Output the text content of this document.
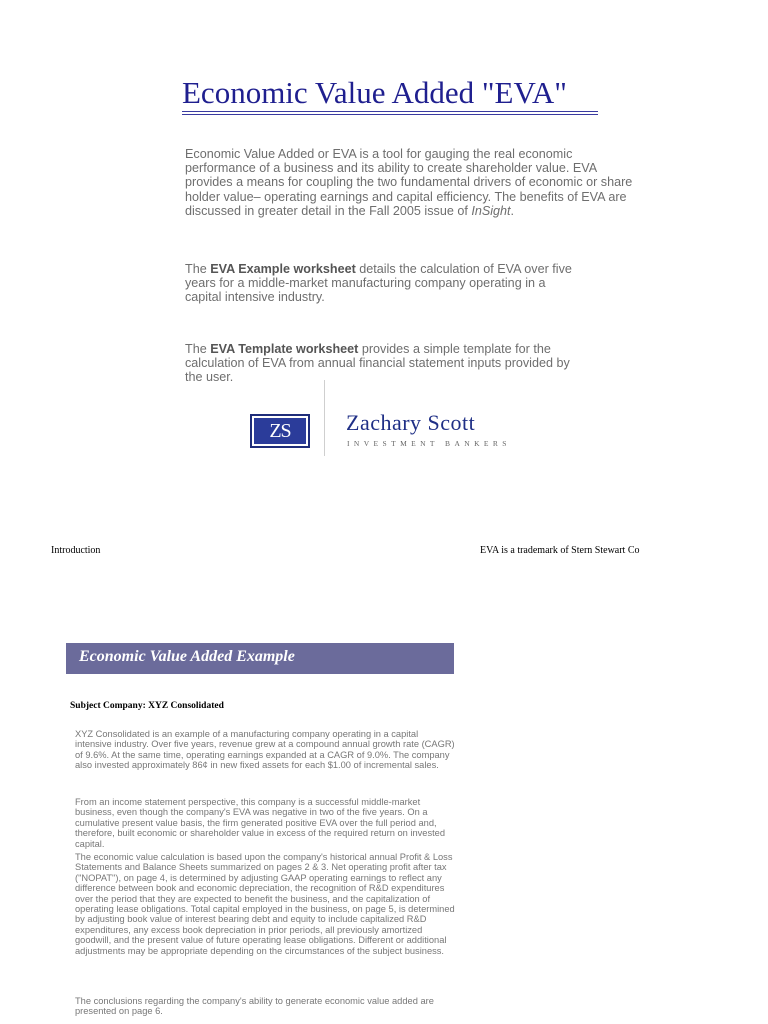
Economic Value Added "EVA"
Economic Value Added or EVA is a tool for gauging the real economic performance of a business and its ability to create shareholder value. EVA provides a means for coupling the two fundamental drivers of economic or share holder value– operating earnings and capital efficiency. The benefits of EVA are discussed in greater detail in the Fall 2005 issue of InSight.
The EVA Example worksheet details the calculation of EVA over five years for a middle-market manufacturing company operating in a capital intensive industry.
The EVA Template worksheet provides a simple template for the calculation of EVA from annual financial statement inputs provided by the user.
ZS	Zachary Scott
INVESTMENT BANKERS
Introduction	EVA is a trademark of Stern Stewart Co
Economic Value Added Example
Subject Company: XYZ Consolidated
XYZ Consolidated is an example of a manufacturing company operating in a capital intensive industry. Over five years, revenue grew at a compound annual growth rate (CAGR) of 9.6%. At the same time, operating earnings expanded at a CAGR of 9.0%. The company also invested approximately 86¢ in new fixed assets for each $1.00 of incremental sales.
From an income statement perspective, this company is a successful middle-market business, even though the company's EVA was negative in two of the five years. On a cumulative present value basis, the firm generated positive EVA over the full period and, therefore, built economic or shareholder value in excess of the required return on invested capital.
The economic value calculation is based upon the company's historical annual Profit & Loss Statements and Balance Sheets summarized on pages 2 & 3. Net operating profit after tax ("NOPAT"), on page 4, is determined by adjusting GAAP operating earnings to reflect any difference between book and economic depreciation, the recognition of R&D expenditures over the period that they are expected to benefit the business, and the capitalization of operating lease obligations. Total capital employed in the business, on page 5, is determined by adjusting book value of interest bearing debt and equity to include capitalized R&D expenditures, any excess book depreciation in prior periods, all previously amortized goodwill, and the present value of future operating lease obligations. Different or additional adjustments may be appropriate depending on the circumstances of the subject business.
The conclusions regarding the company's ability to generate economic value added are presented on page 6.
